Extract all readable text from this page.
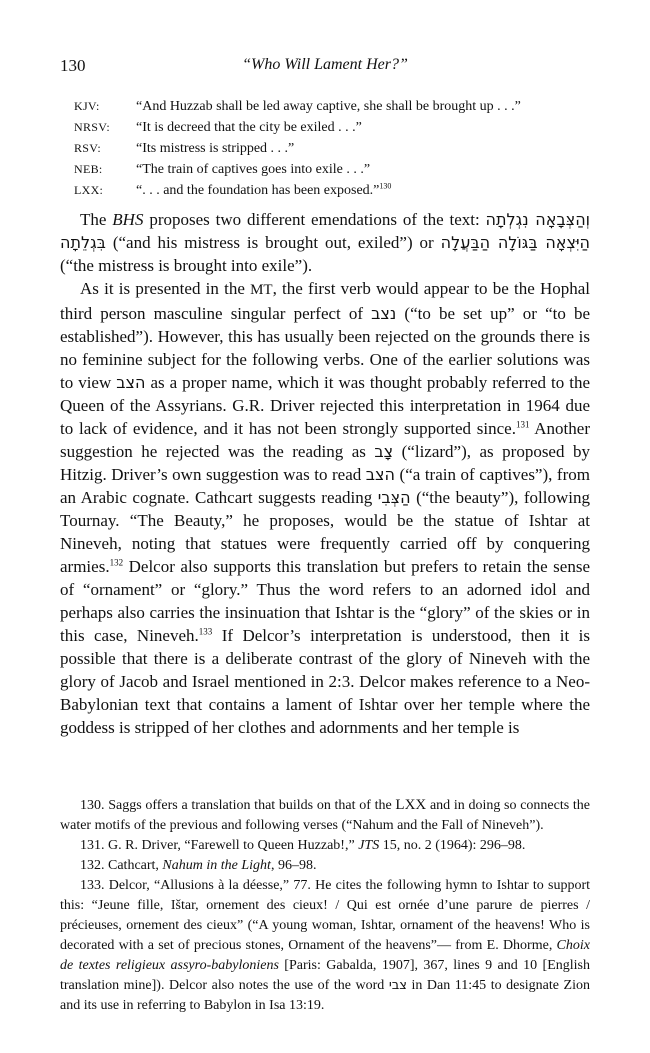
130	“Who Will Lament Her?”
KJV:	“And Huzzab shall be led away captive, she shall be brought up . . .”
NRSV:	“It is decreed that the city be exiled . . .”
RSV:	“Its mistress is stripped . . .”
NEB:	“The train of captives goes into exile . . .”
LXX:	“. . . and the foundation has been exposed.”$^{130}$

The BHS proposes two different emendations of the text: וְהַצְּבָאָה נִגְלְתָה בִּגְלֵתָה (“and his mistress is brought out, exiled”) or הַיִּצְאָה בַּגּוֹלָה הַבַּעֲלָה (“the mistress is brought into exile”).

As it is presented in the MT, the first verb would appear to be the Hophal third person masculine singular perfect of נצב (“to be set up” or “to be established”). However, this has usually been rejected on the grounds there is no feminine subject for the following verbs. One of the earlier solutions was to view הצב as a proper name, which it was thought probably referred to the Queen of the Assyrians. G.R. Driver rejected this interpretation in 1964 due to lack of evidence, and it has not been strongly supported since.$^{131}$ Another suggestion he rejected was the reading as צָב (“lizard”), as proposed by Hitzig. Driver’s own suggestion was to read הצב (“a train of captives”), from an Arabic cognate. Cathcart suggests reading הַצְּבִי (“the beauty”), following Tournay. “The Beauty,” he proposes, would be the statue of Ishtar at Nineveh, noting that statues were frequently carried off by conquering armies.$^{132}$ Delcor also supports this translation but prefers to retain the sense of “ornament” or “glory.” Thus the word refers to an adorned idol and perhaps also carries the insinuation that Ishtar is the “glory” of the skies or in this case, Nineveh.$^{133}$ If Delcor’s interpretation is understood, then it is possible that there is a deliberate contrast of the glory of Nineveh with the glory of Jacob and Israel mentioned in 2:3. Delcor makes reference to a Neo-Babylonian text that contains a lament of Ishtar over her temple where the goddess is stripped of her clothes and adornments and her temple is

130. Saggs offers a translation that builds on that of the LXX and in doing so connects the water motifs of the previous and following verses (“Nahum and the Fall of Nineveh”).

131. G. R. Driver, “Farewell to Queen Huzzab!,” JTS 15, no. 2 (1964): 296–98.

132. Cathcart, Nahum in the Light, 96–98.

133. Delcor, “Allusions à la déesse,” 77. He cites the following hymn to Ishtar to support this: “Jeune fille, Ištar, ornement des cieux! / Qui est ornée d’une parure de pierres / précieuses, ornement des cieux” (“A young woman, Ishtar, ornament of the heavens! Who is decorated with a set of precious stones, Ornament of the heavens”— from E. Dhorme, Choix de textes religieux assyro-babyloniens [Paris: Gabalda, 1907], 367, lines 9 and 10 [English translation mine]). Delcor also notes the use of the word צבי in Dan 11:45 to designate Zion and its use in referring to Babylon in Isa 13:19.
